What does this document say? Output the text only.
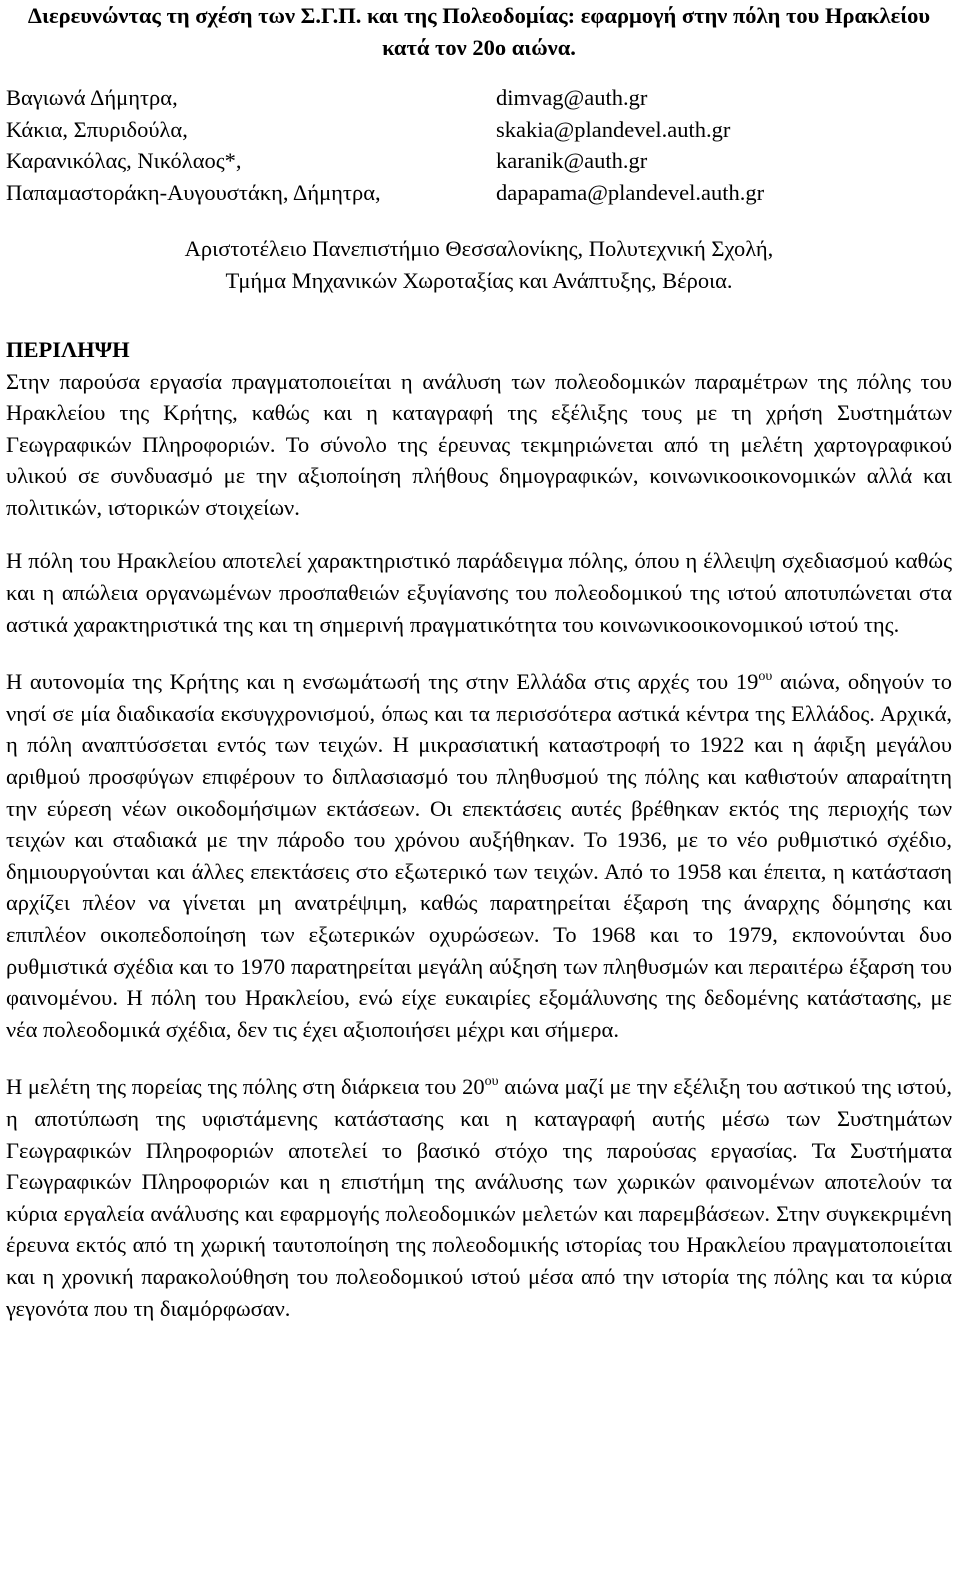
Διερευνώντας τη σχέση των Σ.Γ.Π. και της Πολεοδομίας: εφαρμογή στην πόλη του Ηρακλείου κατά τον 20ο αιώνα.
Βαγιωνά Δήμητρα,
Κάκια, Σπυριδούλα,
Καρανικόλας, Νικόλαος*,
Παπαμαστοράκη-Αυγουστάκη, Δήμητρα,
dimvag@auth.gr
skakia@plandevel.auth.gr
karanik@auth.gr
dapapama@plandevel.auth.gr
Αριστοτέλειο Πανεπιστήμιο Θεσσαλονίκης, Πολυτεχνική Σχολή,
Τμήμα Μηχανικών Χωροταξίας και Ανάπτυξης, Βέροια.
ΠΕΡΙΛΗΨΗ

Στην παρούσα εργασία πραγματοποιείται η ανάλυση των πολεοδομικών παραμέτρων της πόλης του Ηρακλείου της Κρήτης, καθώς και η καταγραφή της εξέλιξης τους με τη χρήση Συστημάτων Γεωγραφικών Πληροφοριών. Το σύνολο της έρευνας τεκμηριώνεται από τη μελέτη χαρτογραφικού υλικού σε συνδυασμό με την αξιοποίηση πλήθους δημογραφικών, κοινωνικοοικονομικών αλλά και πολιτικών, ιστορικών στοιχείων.

Η πόλη του Ηρακλείου αποτελεί χαρακτηριστικό παράδειγμα πόλης, όπου η έλλειψη σχεδιασμού καθώς και η απώλεια οργανωμένων προσπαθειών εξυγίανσης του πολεοδομικού της ιστού αποτυπώνεται στα αστικά χαρακτηριστικά της και τη σημερινή πραγματικότητα του κοινωνικοοικονομικού ιστού της.

Η αυτονομία της Κρήτης και η ενσωμάτωσή της στην Ελλάδα στις αρχές του $19^{o\upsilon}$ αιώνα, οδηγούν το νησί σε μία διαδικασία εκσυγχρονισμού, όπως και τα περισσότερα αστικά κέντρα της Ελλάδος. Αρχικά, η πόλη αναπτύσσεται εντός των τειχών. Η μικρασιατική καταστροφή το 1922 και η άφιξη μεγάλου αριθμού προσφύγων επιφέρουν το διπλασιασμό του πληθυσμού της πόλης και καθιστούν απαραίτητη την εύρεση νέων οικοδομήσιμων εκτάσεων. Οι επεκτάσεις αυτές βρέθηκαν εκτός της περιοχής των τειχών και σταδιακά με την πάροδο του χρόνου αυξήθηκαν. Το 1936, με το νέο ρυθμιστικό σχέδιο, δημιουργούνται και άλλες επεκτάσεις στο εξωτερικό των τειχών. Από το 1958 και έπειτα, η κατάσταση αρχίζει πλέον να γίνεται μη ανατρέψιμη, καθώς παρατηρείται έξαρση της άναρχης δόμησης και επιπλέον οικοπεδοποίηση των εξωτερικών οχυρώσεων. Το 1968 και το 1979, εκπονούνται δυο ρυθμιστικά σχέδια και το 1970 παρατηρείται μεγάλη αύξηση των πληθυσμών και περαιτέρω έξαρση του φαινομένου. Η πόλη του Ηρακλείου, ενώ είχε ευκαιρίες εξομάλυνσης της δεδομένης κατάστασης, με νέα πολεοδομικά σχέδια, δεν τις έχει αξιοποιήσει μέχρι και σήμερα.

Η μελέτη της πορείας της πόλης στη διάρκεια του $20^{o\upsilon}$ αιώνα μαζί με την εξέλιξη του αστικού της ιστού, η αποτύπωση της υφιστάμενης κατάστασης και η καταγραφή αυτής μέσω των Συστημάτων Γεωγραφικών Πληροφοριών αποτελεί το βασικό στόχο της παρούσας εργασίας. Τα Συστήματα Γεωγραφικών Πληροφοριών και η επιστήμη της ανάλυσης των χωρικών φαινομένων αποτελούν τα κύρια εργαλεία ανάλυσης και εφαρμογής πολεοδομικών μελετών και παρεμβάσεων. Στην συγκεκριμένη έρευνα εκτός από τη χωρική ταυτοποίηση της πολεοδομικής ιστορίας του Ηρακλείου πραγματοποιείται και η χρονική παρακολούθηση του πολεοδομικού ιστού μέσα από την ιστορία της πόλης και τα κύρια γεγονότα που τη διαμόρφωσαν.
